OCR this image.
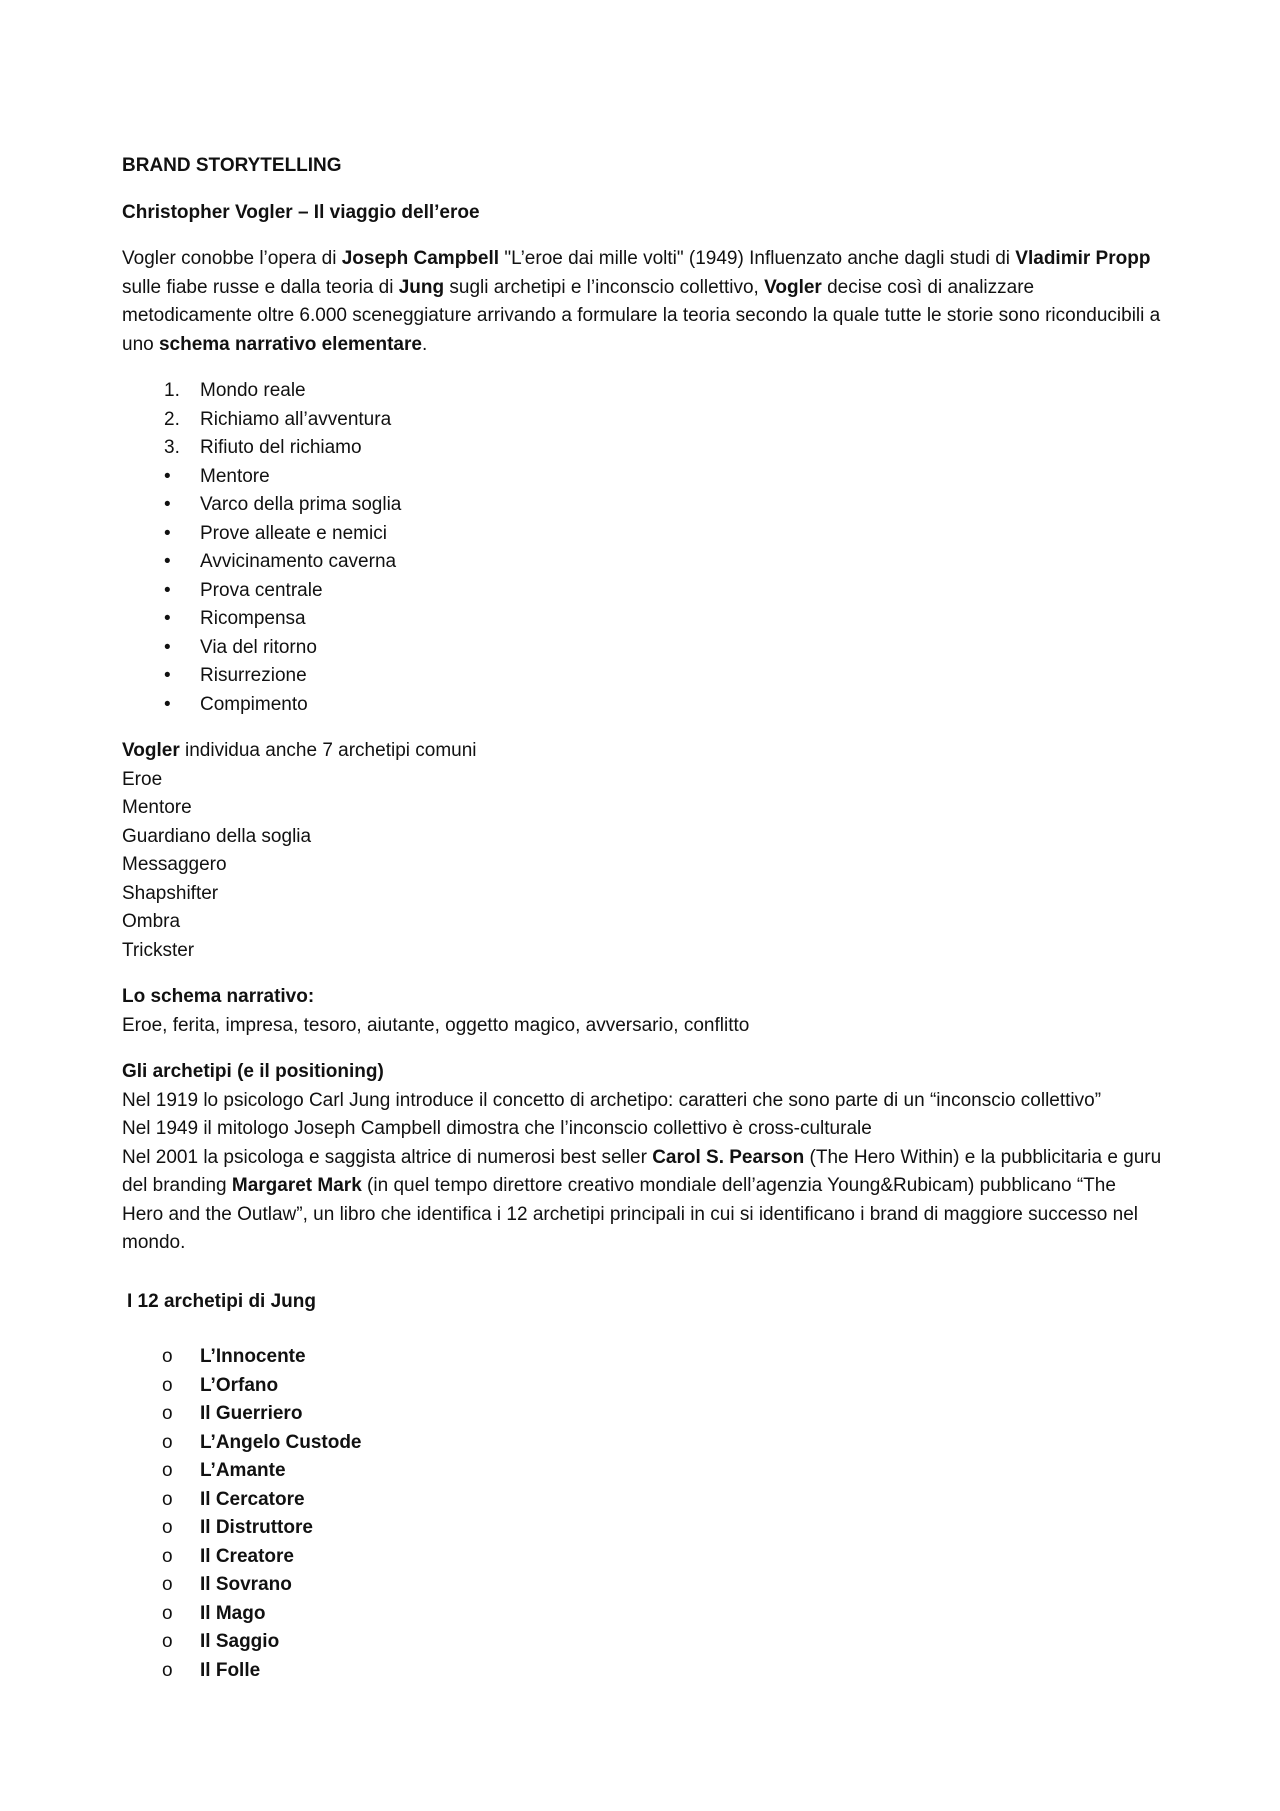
BRAND STORYTELLING

Christopher Vogler – Il viaggio dell’eroe

Vogler conobbe l’opera di Joseph Campbell "L’eroe dai mille volti" (1949) Influenzato anche dagli studi di Vladimir Propp sulle fiabe russe e dalla teoria di Jung sugli archetipi e l’inconscio collettivo, Vogler decise così di analizzare metodicamente oltre 6.000 sceneggiature arrivando a formulare la teoria secondo la quale tutte le storie sono riconducibili a uno schema narrativo elementare.

1.	Mondo reale
2.	Richiamo all’avventura
3.	Rifiuto del richiamo
•	Mentore
•	Varco della prima soglia
•	Prove alleate e nemici
•	Avvicinamento caverna
•	Prova centrale
•	Ricompensa
•	Via del ritorno
•	Risurrezione
•	Compimento

Vogler individua anche 7 archetipi comuni

Eroe

Mentore

Guardiano della soglia

Messaggero

Shapshifter

Ombra

Trickster

Lo schema narrativo:

Eroe, ferita, impresa, tesoro, aiutante, oggetto magico, avversario, conflitto

Gli archetipi (e il positioning)

Nel 1919 lo psicologo Carl Jung introduce il concetto di archetipo: caratteri che sono parte di un “inconscio collettivo”

Nel 1949 il mitologo Joseph Campbell dimostra che l’inconscio collettivo è cross-culturale

Nel 2001 la psicologa e saggista altrice di numerosi best seller Carol S. Pearson (The Hero Within) e la pubblicitaria e guru del branding Margaret Mark (in quel tempo direttore creativo mondiale dell’agenzia Young&Rubicam) pubblicano “The Hero and the Outlaw”, un libro che identifica i 12 archetipi principali in cui si identificano i brand di maggiore successo nel mondo.

I 12 archetipi di Jung

o	L’Innocente
o	L’Orfano
o	Il Guerriero
o	L’Angelo Custode
o	L’Amante
o	Il Cercatore
o	Il Distruttore
o	Il Creatore
o	Il Sovrano
o	Il Mago
o	Il Saggio
o	Il Folle
